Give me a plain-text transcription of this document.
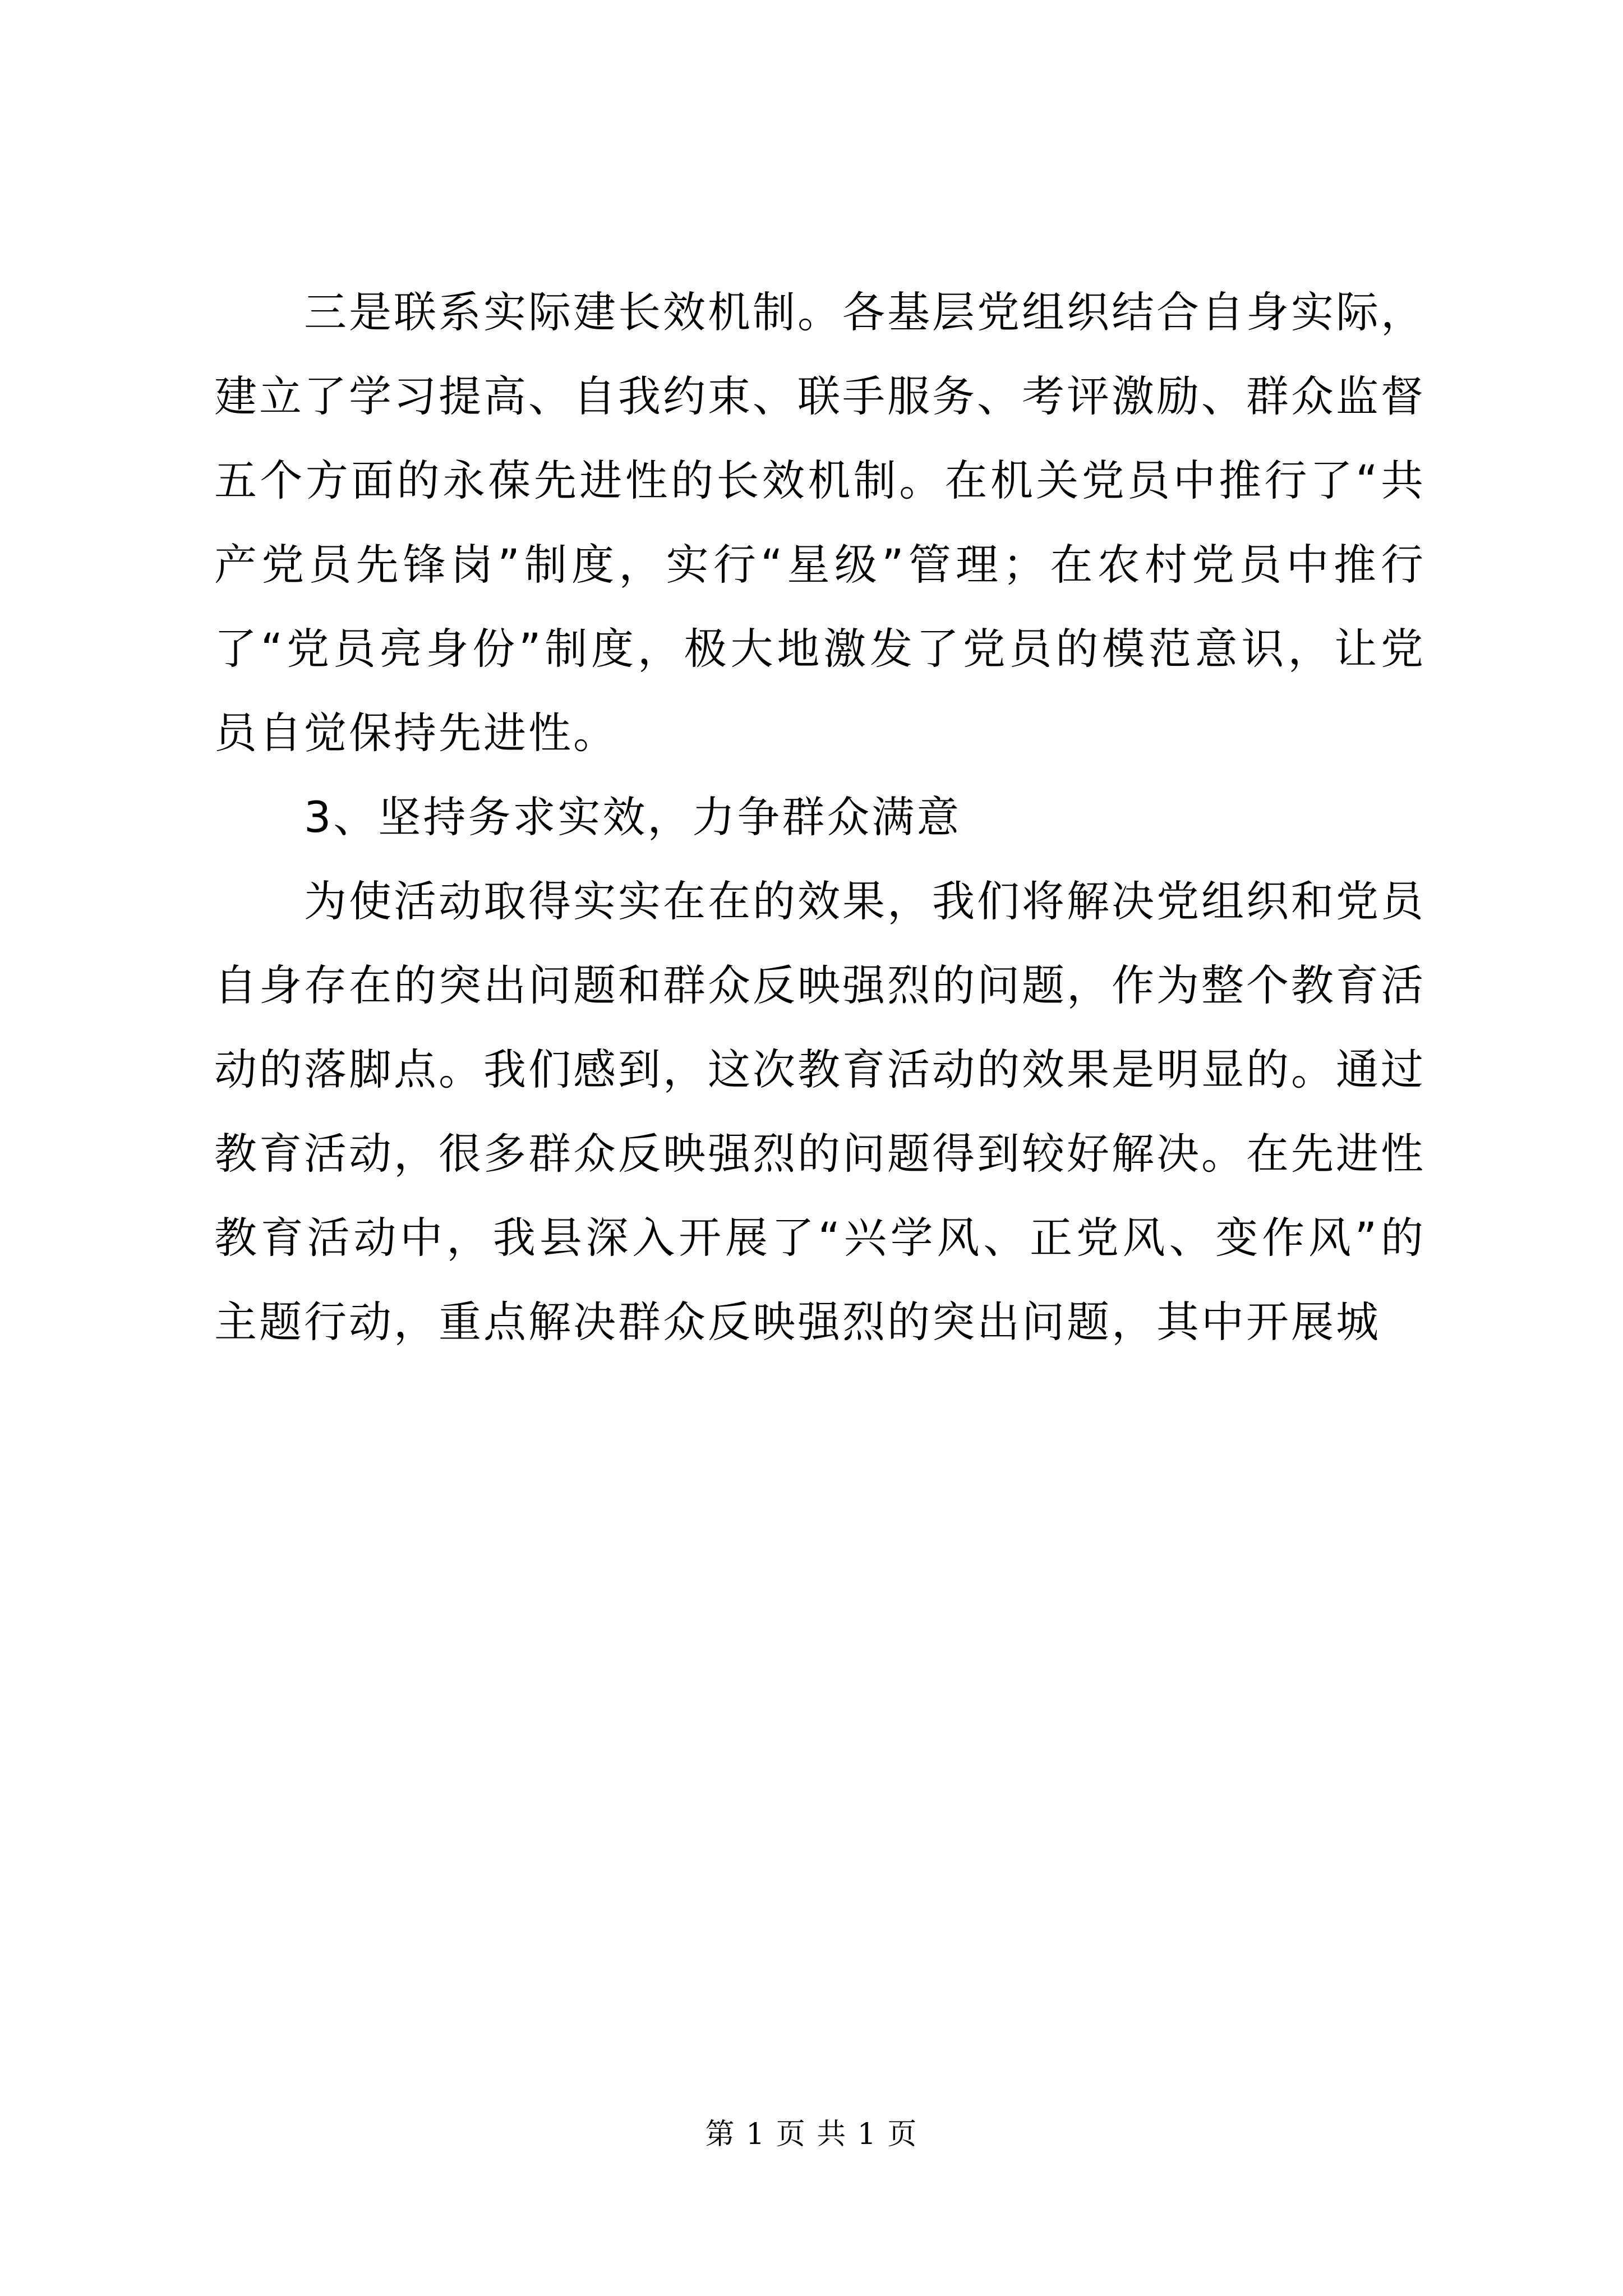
三是联系实际建长效机制。各基层党组织结合自身实际，建立了学习提高、自我约束、联手服务、考评激励、群众监督五个方面的永葆先进性的长效机制。在机关党员中推行了“共产党员先锋岗”制度，实行“星级”管理；在农村党员中推行了“党员亮身份”制度，极大地激发了党员的模范意识，让党员自觉保持先进性。

3、坚持务求实效，力争群众满意

为使活动取得实实在在的效果，我们将解决党组织和党员自身存在的突出问题和群众反映强烈的问题，作为整个教育活动的落脚点。我们感到，这次教育活动的效果是明显的。通过教育活动，很多群众反映强烈的问题得到较好解决。在先进性教育活动中，我县深入开展了“兴学风、正党风、变作风”的主题行动，重点解决群众反映强烈的突出问题，其中开展城

第 1 页 共 1 页
